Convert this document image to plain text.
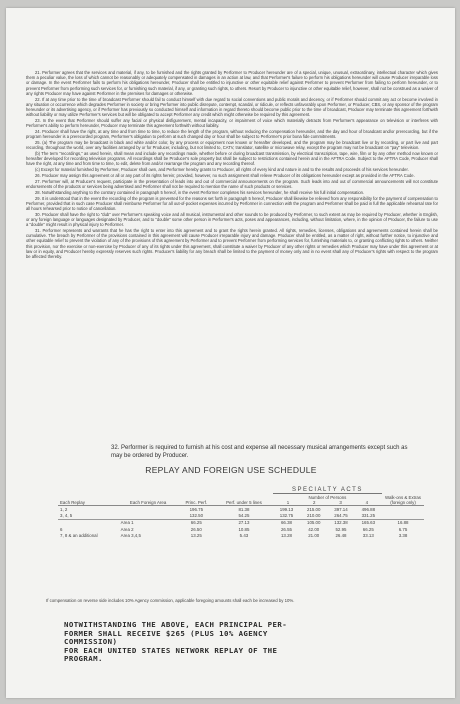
21. Performer agrees that the services and material, if any, to be furnished and the rights granted by Performer to Producer hereunder are of a special, unique, unusual, extraordinary, intellectual character which gives them a peculiar value, the loss of which cannot be reasonably or adequately compensated in damages in an action at law, and that Performer's failure to perform his obligations hereunder will cause Producer irreparable loss or damage. In the event Performer fails to perform his obligations hereunder, Producer shall be entitled to injunctive or other equitable relief against Performer to prevent Performer from failing to perform hereunder, or to prevent Performer from performing such services for, or furnishing such material, if any, or granting such rights, to others. Resort by Producer to injunctive or other equitable relief, however, shall not be construed as a waiver of any rights Producer may have against Performer in the premises for damages or otherwise.

22. If at any time prior to the time of broadcast Performer should fail to conduct himself with due regard to social conventions and public morals and decency, or if Performer should commit any act or become involved in any situation or occurrence which degrades Performer in society or bring Performer into public disrepute, contempt, scandal, or ridicule, or reflects unfavorably upon Performer, or Producer, CBS, or any sponsor of the program hereunder or its advertising agency, or if Performer has previously so conducted himself and information in regard thereto should become public prior to the time of broadcast, Producer may terminate this agreement forthwith without liability or may utilize Performer's services but will be obligated to accept Performer any credit which might otherwise be required by this agreement.

23. In the event that Performer should suffer any facial or physical disfigurement, mental incapacity, or impairment of voice which materially detracts from Performer's appearance on television or interferes with Performer's ability to perform hereunder, Producer may terminate this agreement forthwith without liability.

24. Producer shall have the right, at any time and from time to time, to reduce the length of the program, without reducing the compensation hereunder, and the day and hour of broadcast and/or prerecording, but if the program hereunder is a prerecorded program, Performer's obligation to perform at such changed day or hour shall be subject to Performer's prior bona fide commitments.

25. (a) The program may be broadcast in black and white and/or color, by any process or equipment now known or hereafter developed, and the program may be broadcast live or by recording, or part live and part recording, throughout the world, over any facilities arranged by or for Producer, including, but not limited to, CATV, translator, satellite or microwave relay, except the program may not be broadcast on "pay" television.

(b) The term "recordings," as used herein, shall mean and include any recordings made, whether before or during broadcast transmission, by electrical transcription, tape, wire, film or by any other method now known or hereafter developed for recording television programs. All recordings shall be Producer's sole property but shall be subject to restrictions contained herein and in the AFTRA Code. Subject to the AFTRA Code, Producer shall have the right, at any time and from time to time, to edit, delete from and/or rearrange the program and any recording thereof.

(c) Except for material furnished by Performer, Producer shall own, and Performer hereby grants to Producer, all rights of every kind and nature in and to the results and proceeds of his services hereunder.

26. Producer may assign this agreement or all or any part of its rights herein; provided, however, no such assignment shall relieve Producer of its obligations hereunder except as provided in the AFTRA Code.

27. Performer will, at Producer's request, participate in the presentation of leads into and out of commercial announcements on the program. Such leads into and out of commercial announcements will not constitute endorsements of the products or services being advertised and Performer shall not be required to mention the name of such products or services.

28. Notwithstanding anything to the contrary contained in paragraph 5 hereof, in the event Performer completes his services hereunder, he shall receive his full initial compensation.

29. It is understood that in the event the recording of the program is prevented for the reasons set forth in paragraph 5 hereof, Producer shall likewise be relieved from any responsibility for the payment of compensation to Performer, provided that in such case Producer shall reimburse Performer for all out-of-pocket expenses incurred by Performer in connection with the program and Performer shall be paid in full the applicable rehearsal rate for all hours rehearsed prior to notice of cancellation.

30. Producer shall have the right to "dub" over Performer's speaking voice and all musical, instrumental and other sounds to be produced by Performer, to such extent as may be required by Producer, whether in English, or any foreign language or languages designated by Producer, and to "double" some other person in Performer's acts, poses and appearances, including, without limitation, where, in the opinion of Producer, the failure to use a "double" might result in physical injury to Performer.

31. Performer represents and warrants that he has the right to enter into this agreement and to grant the rights herein granted. All rights, remedies, licenses, obligations and agreements contained herein shall be cumulative. The breach by Performer of the provisions contained in this agreement will cause Producer irreparable injury and damage. Producer shall be entitled, as a matter of right, without further notice, to injunctive and other equitable relief to prevent the violation of any of the provisions of this agreement by Performer and to prevent Performer from performing services for, furnishing materials to, or granting conflicting rights to others. Neither this provision, nor the exercise or non-exercise by Producer of any of its rights under this agreement, shall constitute a waiver by Producer of any other rights or remedies which Producer may have under this agreement or at law or in equity, and Producer hereby expressly reserves such rights. Producer's liability for any breach shall be limited to the payment of money only and in no event shall any of Producer's rights with respect to the program be affected thereby.

32. Performer is required to furnish at his cost and expense all necessary musical arrangements except such as may be ordered by Producer.
REPLAY AND FOREIGN USE SCHEDULE
				SPECIALTY ACTS				
Each Replay	Each Foreign Area	Princ. Perf.	Perf. under 5 lines	Number of Persons
1 2 3 4				Walk-ons & Extras (foreign only)
1, 2		196.75	81.38	199.13	215.00	397.14	496.88	
3, 4, 5		132.50	54.25	132.75	210.00	264.75	331.25	
	Area 1	66.25	27.13	66.38	105.00	132.38	165.63	16.88
6	Area 2	26.50	10.85	26.55	42.00	52.95	66.25	6.75
7, 8 & an additional	Area 3,4,5	13.25	5.43	13.28	21.00	26.48	33.13	3.38
If compensation on reverse side includes 10% Agency commission, applicable foregoing amounts shall each be increased by 10%.
NOTWITHSTANDING THE ABOVE, EACH PRINCIPAL PER-
FORMER SHALL RECEIVE $265 (PLUS 10% AGENCY COMMISSION)
FOR EACH UNITED STATES NETWORK REPLAY OF THE PROGRAM.
